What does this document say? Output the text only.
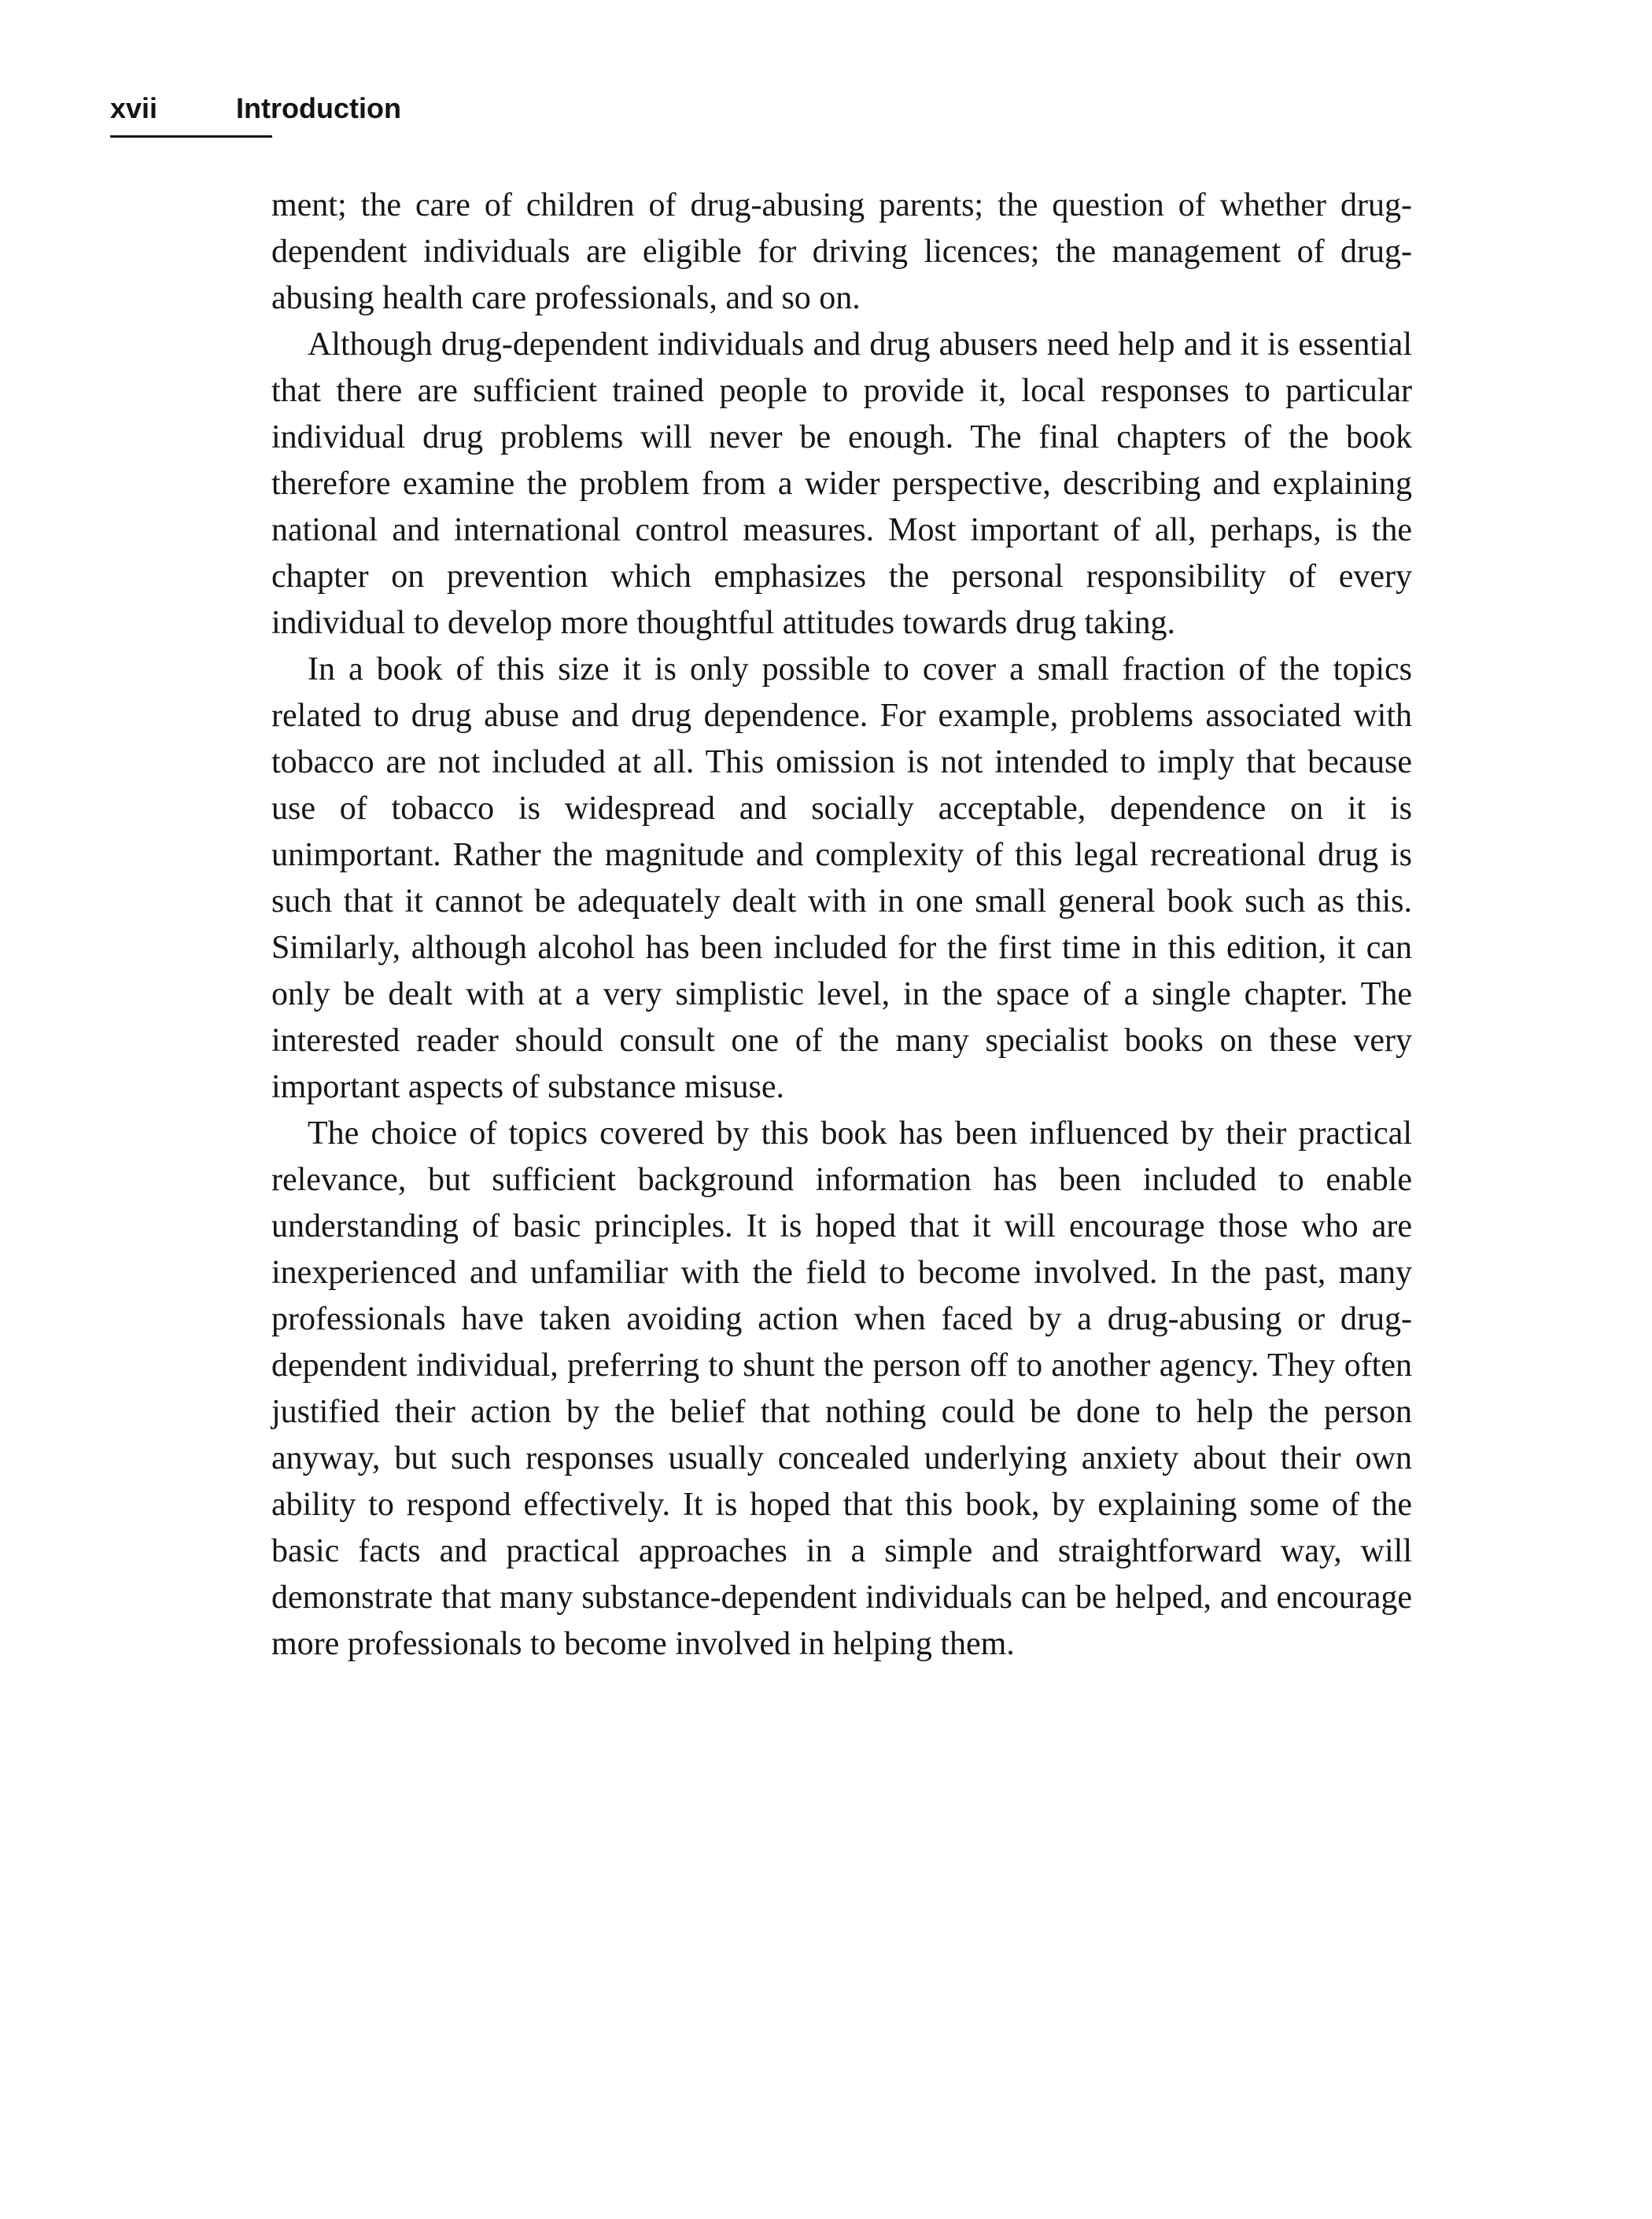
xvii	Introduction

ment; the care of children of drug-abusing parents; the question of whether drug-dependent individuals are eligible for driving licences; the management of drug-abusing health care professionals, and so on.

Although drug-dependent individuals and drug abusers need help and it is essential that there are sufficient trained people to provide it, local responses to particular individual drug problems will never be enough. The final chapters of the book therefore examine the problem from a wider perspective, describing and explaining national and international control measures. Most important of all, perhaps, is the chapter on prevention which emphasizes the personal responsibility of every individual to develop more thoughtful attitudes towards drug taking.

In a book of this size it is only possible to cover a small fraction of the topics related to drug abuse and drug dependence. For example, problems associated with tobacco are not included at all. This omission is not intended to imply that because use of tobacco is widespread and socially acceptable, dependence on it is unimportant. Rather the magnitude and complexity of this legal recreational drug is such that it cannot be adequately dealt with in one small general book such as this. Similarly, although alcohol has been included for the first time in this edition, it can only be dealt with at a very simplistic level, in the space of a single chapter. The interested reader should consult one of the many specialist books on these very important aspects of substance misuse.

The choice of topics covered by this book has been influenced by their practical relevance, but sufficient background information has been included to enable understanding of basic principles. It is hoped that it will encourage those who are inexperienced and unfamiliar with the field to become involved. In the past, many professionals have taken avoiding action when faced by a drug-abusing or drug-dependent individual, preferring to shunt the person off to another agency. They often justified their action by the belief that nothing could be done to help the person anyway, but such responses usually concealed underlying anxiety about their own ability to respond effectively. It is hoped that this book, by explaining some of the basic facts and practical approaches in a simple and straightforward way, will demonstrate that many substance-dependent individuals can be helped, and encourage more professionals to become involved in helping them.
